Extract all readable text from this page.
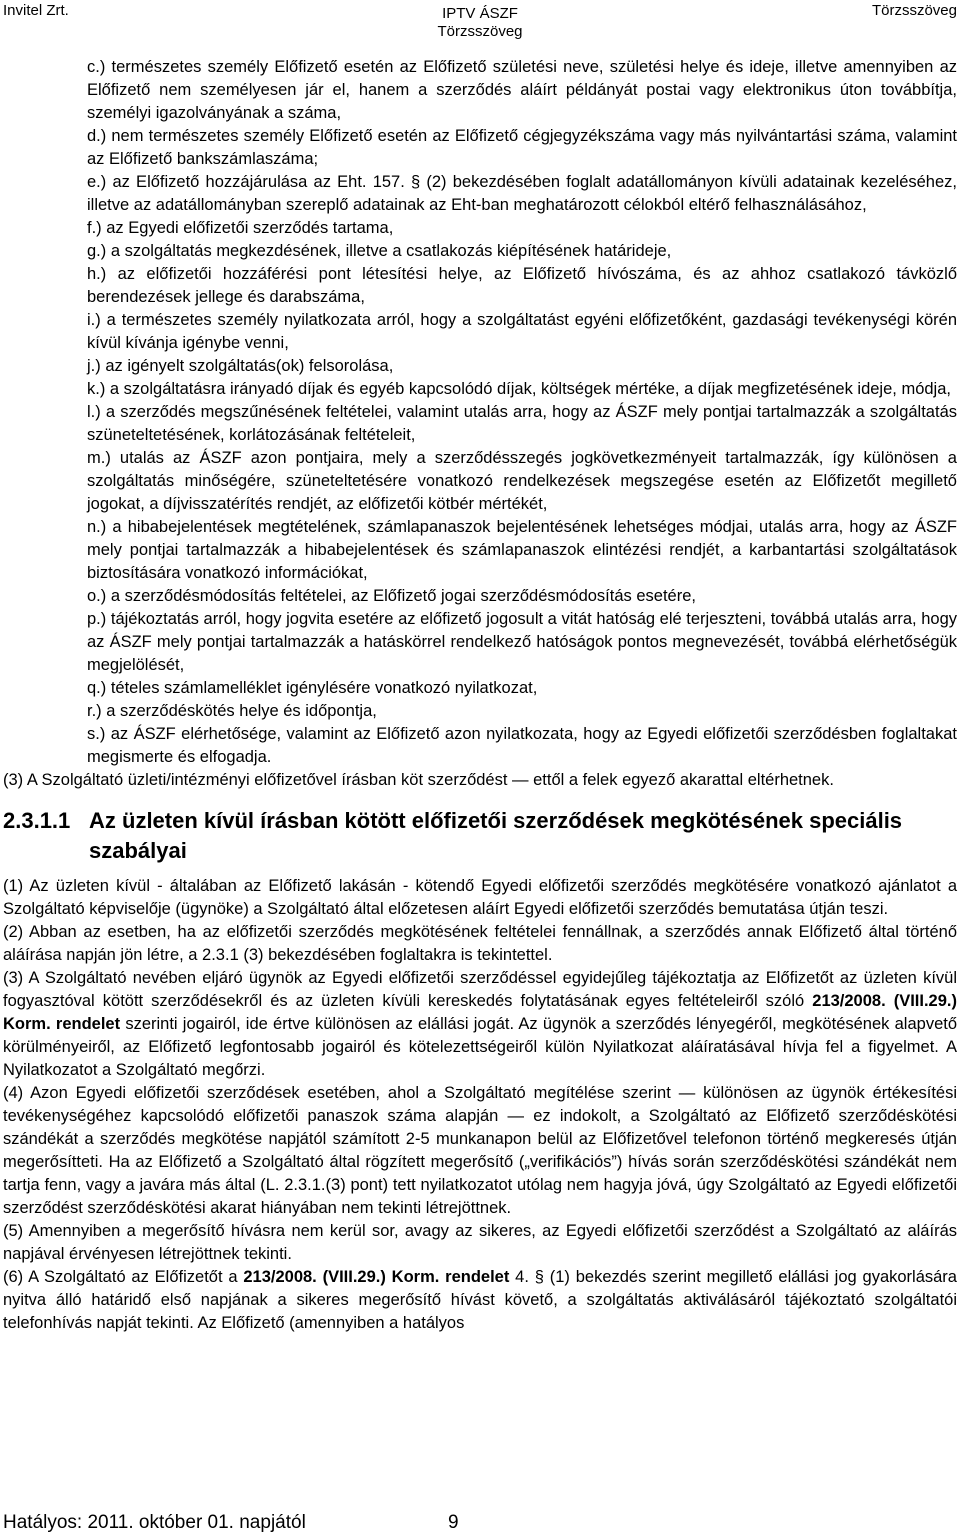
Invitel Zrt.	IPTV ÁSZF
Törzsszöveg
Törzsszöveg

c.) természetes személy Előfizető esetén az Előfizető születési neve, születési helye és ideje, illetve amennyiben az Előfizető nem személyesen jár el, hanem a szerződés aláírt példányát postai vagy elektronikus úton továbbítja, személyi igazolványának a száma,

d.) nem természetes személy Előfizető esetén az Előfizető cégjegyzékszáma vagy más nyilvántartási száma, valamint az Előfizető bankszámlaszáma;

e.) az Előfizető hozzájárulása az Eht. 157. § (2) bekezdésében foglalt adatállományon kívüli adatainak kezeléséhez, illetve az adatállományban szereplő adatainak az Eht-ban meghatározott célokból eltérő felhasználásához,

f.) az Egyedi előfizetői szerződés tartama,

g.) a szolgáltatás megkezdésének, illetve a csatlakozás kiépítésének határideje,

h.) az előfizetői hozzáférési pont létesítési helye, az Előfizető hívószáma, és az ahhoz csatlakozó távközlő berendezések jellege és darabszáma,

i.) a természetes személy nyilatkozata arról, hogy a szolgáltatást egyéni előfizetőként, gazdasági tevékenységi körén kívül kívánja igénybe venni,

j.) az igényelt szolgáltatás(ok) felsorolása,

k.) a szolgáltatásra irányadó díjak és egyéb kapcsolódó díjak, költségek mértéke, a díjak megfizetésének ideje, módja,

l.) a szerződés megszűnésének feltételei, valamint utalás arra, hogy az ÁSZF mely pontjai tartalmazzák a szolgáltatás szüneteltetésének, korlátozásának feltételeit,

m.) utalás az ÁSZF azon pontjaira, mely a szerződésszegés jogkövetkezményeit tartalmazzák, így különösen a szolgáltatás minőségére, szüneteltetésére vonatkozó rendelkezések megszegése esetén az Előfizetőt megillető jogokat, a díjvisszatérítés rendjét, az előfizetői kötbér mértékét,

n.) a hibabejelentések megtételének, számlapanaszok bejelentésének lehetséges módjai, utalás arra, hogy az ÁSZF mely pontjai tartalmazzák a hibabejelentések és számlapanaszok elintézési rendjét, a karbantartási szolgáltatások biztosítására vonatkozó információkat,

o.) a szerződésmódosítás feltételei, az Előfizető jogai szerződésmódosítás esetére,

p.) tájékoztatás arról, hogy jogvita esetére az előfizető jogosult a vitát hatóság elé terjeszteni, továbbá utalás arra, hogy az ÁSZF mely pontjai tartalmazzák a hatáskörrel rendelkező hatóságok pontos megnevezését, továbbá elérhetőségük megjelölését,

q.) tételes számlamelléklet igénylésére vonatkozó nyilatkozat,

r.) a szerződéskötés helye és időpontja,

s.) az ÁSZF elérhetősége, valamint az Előfizető azon nyilatkozata, hogy az Egyedi előfizetői szerződésben foglaltakat megismerte és elfogadja.

(3) A Szolgáltató üzleti/intézményi előfizetővel írásban köt szerződést — ettől a felek egyező akarattal eltérhetnek.

2.3.1.1 Az üzleten kívül írásban kötött előfizetői szerződések megkötésének speciális szabályai

(1) Az üzleten kívül - általában az Előfizető lakásán - kötendő Egyedi előfizetői szerződés megkötésére vonatkozó ajánlatot a Szolgáltató képviselője (ügynöke) a Szolgáltató által előzetesen aláírt Egyedi előfizetői szerződés bemutatása útján teszi.

(2) Abban az esetben, ha az előfizetői szerződés megkötésének feltételei fennállnak, a szerződés annak Előfizető által történő aláírása napján jön létre, a 2.3.1 (3) bekezdésében foglaltakra is tekintettel.

(3) A Szolgáltató nevében eljáró ügynök az Egyedi előfizetői szerződéssel egyidejűleg tájékoztatja az Előfizetőt az üzleten kívül fogyasztóval kötött szerződésekről és az üzleten kívüli kereskedés folytatásának egyes feltételeiről szóló 213/2008. (VIII.29.) Korm. rendelet szerinti jogairól, ide értve különösen az elállási jogát. Az ügynök a szerződés lényegéről, megkötésének alapvető körülményeiről, az Előfizető legfontosabb jogairól és kötelezettségeiről külön Nyilatkozat aláíratásával hívja fel a figyelmet. A Nyilatkozatot a Szolgáltató megőrzi.

(4) Azon Egyedi előfizetői szerződések esetében, ahol a Szolgáltató megítélése szerint — különösen az ügynök értékesítési tevékenységéhez kapcsolódó előfizetői panaszok száma alapján — ez indokolt, a Szolgáltató az Előfizető szerződéskötési szándékát a szerződés megkötése napjától számított 2-5 munkanapon belül az Előfizetővel telefonon történő megkeresés útján megerősítteti. Ha az Előfizető a Szolgáltató által rögzített megerősítő („verifikációs”) hívás során szerződéskötési szándékát nem tartja fenn, vagy a javára más által (L. 2.3.1.(3) pont) tett nyilatkozatot utólag nem hagyja jóvá, úgy Szolgáltató az Egyedi előfizetői szerződést szerződéskötési akarat hiányában nem tekinti létrejöttnek.

(5) Amennyiben a megerősítő hívásra nem kerül sor, avagy az sikeres, az Egyedi előfizetői szerződést a Szolgáltató az aláírás napjával érvényesen létrejöttnek tekinti.

(6) A Szolgáltató az Előfizetőt a 213/2008. (VIII.29.) Korm. rendelet 4. § (1) bekezdés szerint megillető elállási jog gyakorlására nyitva álló határidő első napjának a sikeres megerősítő hívást követő, a szolgáltatás aktiválásáról tájékoztató szolgáltatói telefonhívás napját tekinti. Az Előfizető (amennyiben a hatályos

Hatályos: 2011. október 01. napjától	9
